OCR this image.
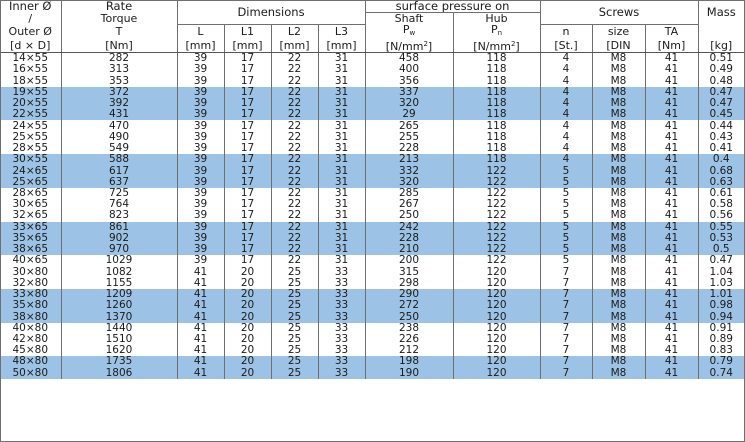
Inner Ø	Rate	Dimensions				surface pressure on		Screws			Mass
/	Torque					Shaft	Hub				
Outer Ø	T	L	L1	L2	L3	$P_w$	$P_n$	n	size	TA	
[d × D]	[Nm]	[mm]	[mm]	[mm]	[mm]	$[N/mm^2]$	$[N/mm^2]$	[St.]	[DIN	[Nm]	[kg]
14×55	282	39	17	22	31	458	118	4	M8	41	0.51
16×55	313	39	17	22	31	400	118	4	M8	41	0.49
18×55	353	39	17	22	31	356	118	4	M8	41	0.48
19×55	372	39	17	22	31	337	118	4	M8	41	0.47
20×55	392	39	17	22	31	320	118	4	M8	41	0.47
22×55	431	39	17	22	31	29	118	4	M8	41	0.45
24×55	470	39	17	22	31	265	118	4	M8	41	0.44
25×55	490	39	17	22	31	255	118	4	M8	41	0.43
28×55	549	39	17	22	31	228	118	4	M8	41	0.41
30×55	588	39	17	22	31	213	118	4	M8	41	0.4
24×65	617	39	17	22	31	332	122	5	M8	41	0.68
25×65	637	39	17	22	31	320	122	5	M8	41	0.63
28×65	725	39	17	22	31	285	122	5	M8	41	0.61
30×65	764	39	17	22	31	267	122	5	M8	41	0.58
32×65	823	39	17	22	31	250	122	5	M8	41	0.56
33×65	861	39	17	22	31	242	122	5	M8	41	0.55
35×65	902	39	17	22	31	228	122	5	M8	41	0.53
38×65	970	39	17	22	31	210	122	5	M8	41	0.5
40×65	1029	39	17	22	31	200	122	5	M8	41	0.47
30×80	1082	41	20	25	33	315	120	7	M8	41	1.04
32×80	1155	41	20	25	33	298	120	7	M8	41	1.03
33×80	1209	41	20	25	33	290	120	7	M8	41	1.01
35×80	1260	41	20	25	33	272	120	7	M8	41	0.98
38×80	1370	41	20	25	33	250	120	7	M8	41	0.94
40×80	1440	41	20	25	33	238	120	7	M8	41	0.91
42×80	1510	41	20	25	33	226	120	7	M8	41	0.89
45×80	1620	41	20	25	33	212	120	7	M8	41	0.83
48×80	1735	41	20	25	33	198	120	7	M8	41	0.79
50×80	1806	41	20	25	33	190	120	7	M8	41	0.74
